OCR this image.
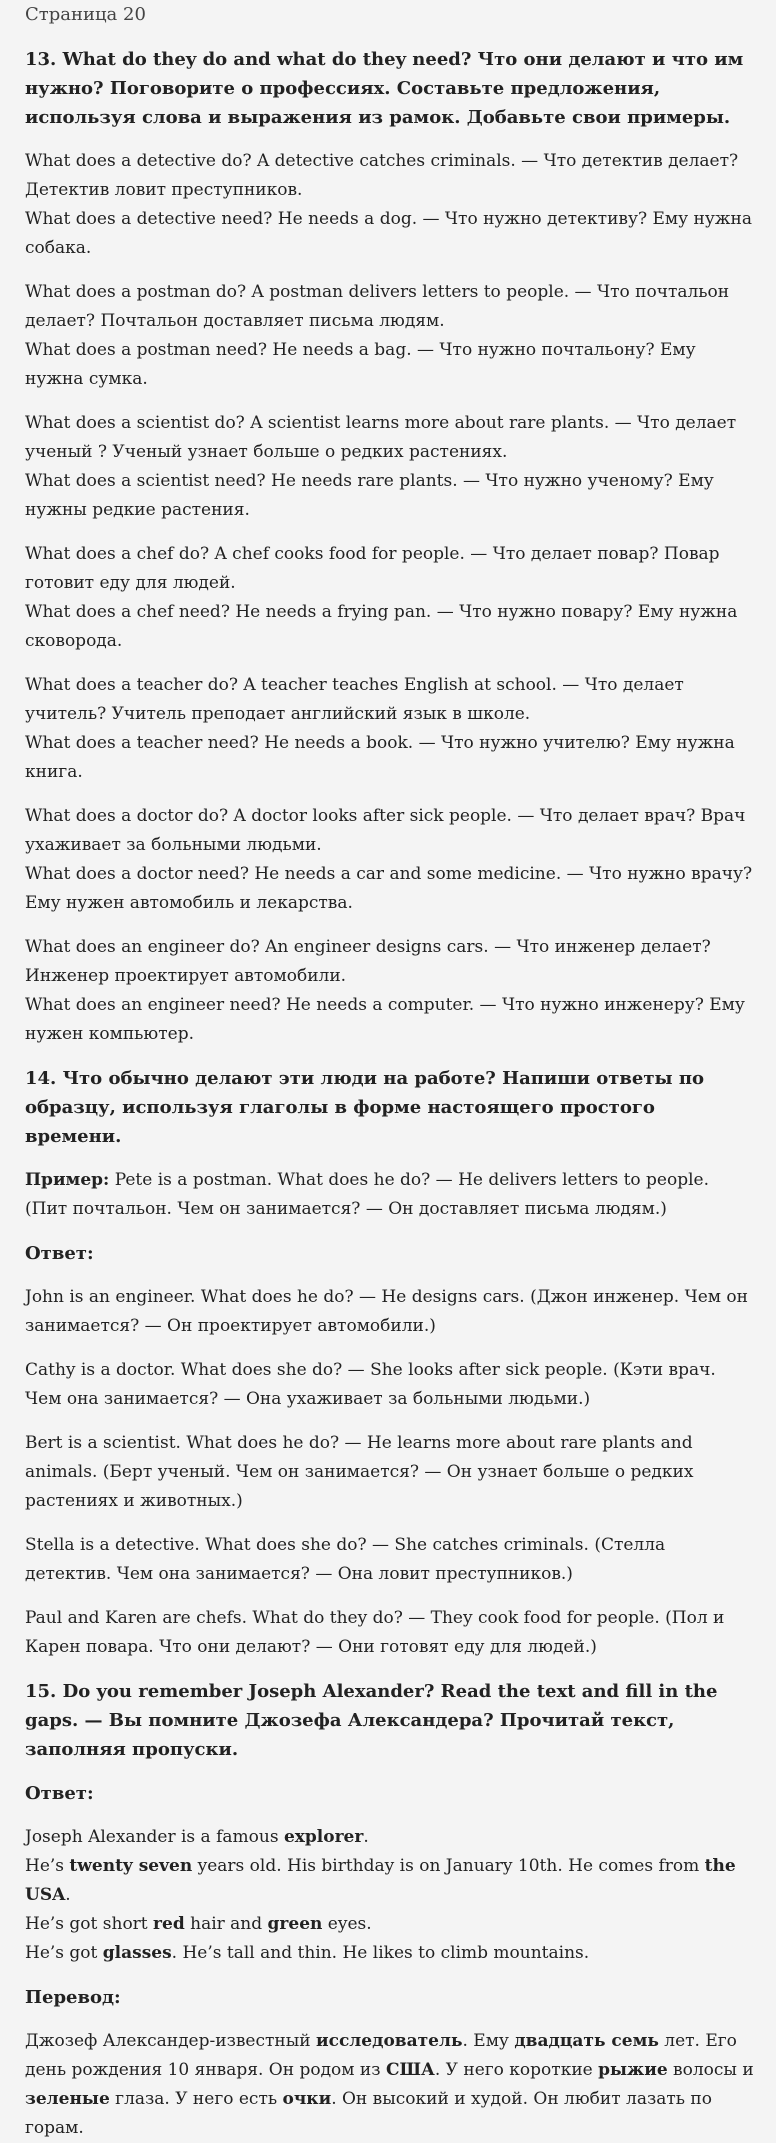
Страница 20
13. What do they do and what do they need? Что они делают и что им нужно? Поговорите о профессиях. Составьте предложения, используя слова и выражения из рамок. Добавьте свои примеры.
What does a detective do? A detective catches criminals. — Что детектив делает? Детектив ловит преступников.
What does a detective need? He needs a dog. — Что нужно детективу? Ему нужна собака.
What does a postman do? A postman delivers letters to people. — Что почтальон делает? Почтальон доставляет письма людям.
What does a postman need? He needs a bag. — Что нужно почтальону? Ему нужна сумка.
What does a scientist do? A scientist learns more about rare plants. — Что делает ученый ? Ученый узнает больше о редких растениях.
What does a scientist need? He needs rare plants. — Что нужно ученому? Ему нужны редкие растения.
What does a chef do? A chef cooks food for people. — Что делает повар? Повар готовит еду для людей.
What does a chef need? He needs a frying pan. — Что нужно повару? Ему нужна сковорода.
What does a teacher do? A teacher teaches English at school. — Что делает учитель? Учитель преподает английский язык в школе.
What does a teacher need? He needs a book. — Что нужно учителю? Ему нужна книга.
What does a doctor do? A doctor looks after sick people. — Что делает врач? Врач ухаживает за больными людьми.
What does a doctor need? He needs a car and some medicine. — Что нужно врачу? Ему нужен автомобиль и лекарства.
What does an engineer do? An engineer designs cars. — Что инженер делает? Инженер проектирует автомобили.
What does an engineer need? He needs a computer. — Что нужно инженеру? Ему нужен компьютер.
14. Что обычно делают эти люди на работе? Напиши ответы по образцу, используя глаголы в форме настоящего простого времени.
Пример: Pete is a postman. What does he do? — He delivers letters to people. (Пит почтальон. Чем он занимается? — Он доставляет письма людям.)
Ответ:
John is an engineer. What does he do? — He designs cars. (Джон инженер. Чем он занимается? — Он проектирует автомобили.)
Cathy is a doctor. What does she do? — She looks after sick people. (Кэти врач. Чем она занимается? — Она ухаживает за больными людьми.)
Bert is a scientist. What does he do? — He learns more about rare plants and animals. (Берт ученый. Чем он занимается? — Он узнает больше о редких растениях и животных.)
Stella is a detective. What does she do? — She catches criminals. (Стелла детектив. Чем она занимается? — Она ловит преступников.)
Paul and Karen are chefs. What do they do? — They cook food for people. (Пол и Карен повара. Что они делают? — Они готовят еду для людей.)
15. Do you remember Joseph Alexander? Read the text and fill in the gaps. — Вы помните Джозефа Александера? Прочитай текст, заполняя пропуски.
Ответ:
Joseph Alexander is a famous explorer.
He’s twenty seven years old. His birthday is on January 10th. He comes from the USA.
He’s got short red hair and green eyes.
He’s got glasses. He’s tall and thin. He likes to climb mountains.
Перевод:
Джозеф Александер-известный исследователь. Ему двадцать семь лет. Его день рождения 10 января. Он родом из США. У него короткие рыжие волосы и зеленые глаза. У него есть очки. Он высокий и худой. Он любит лазать по горам.
